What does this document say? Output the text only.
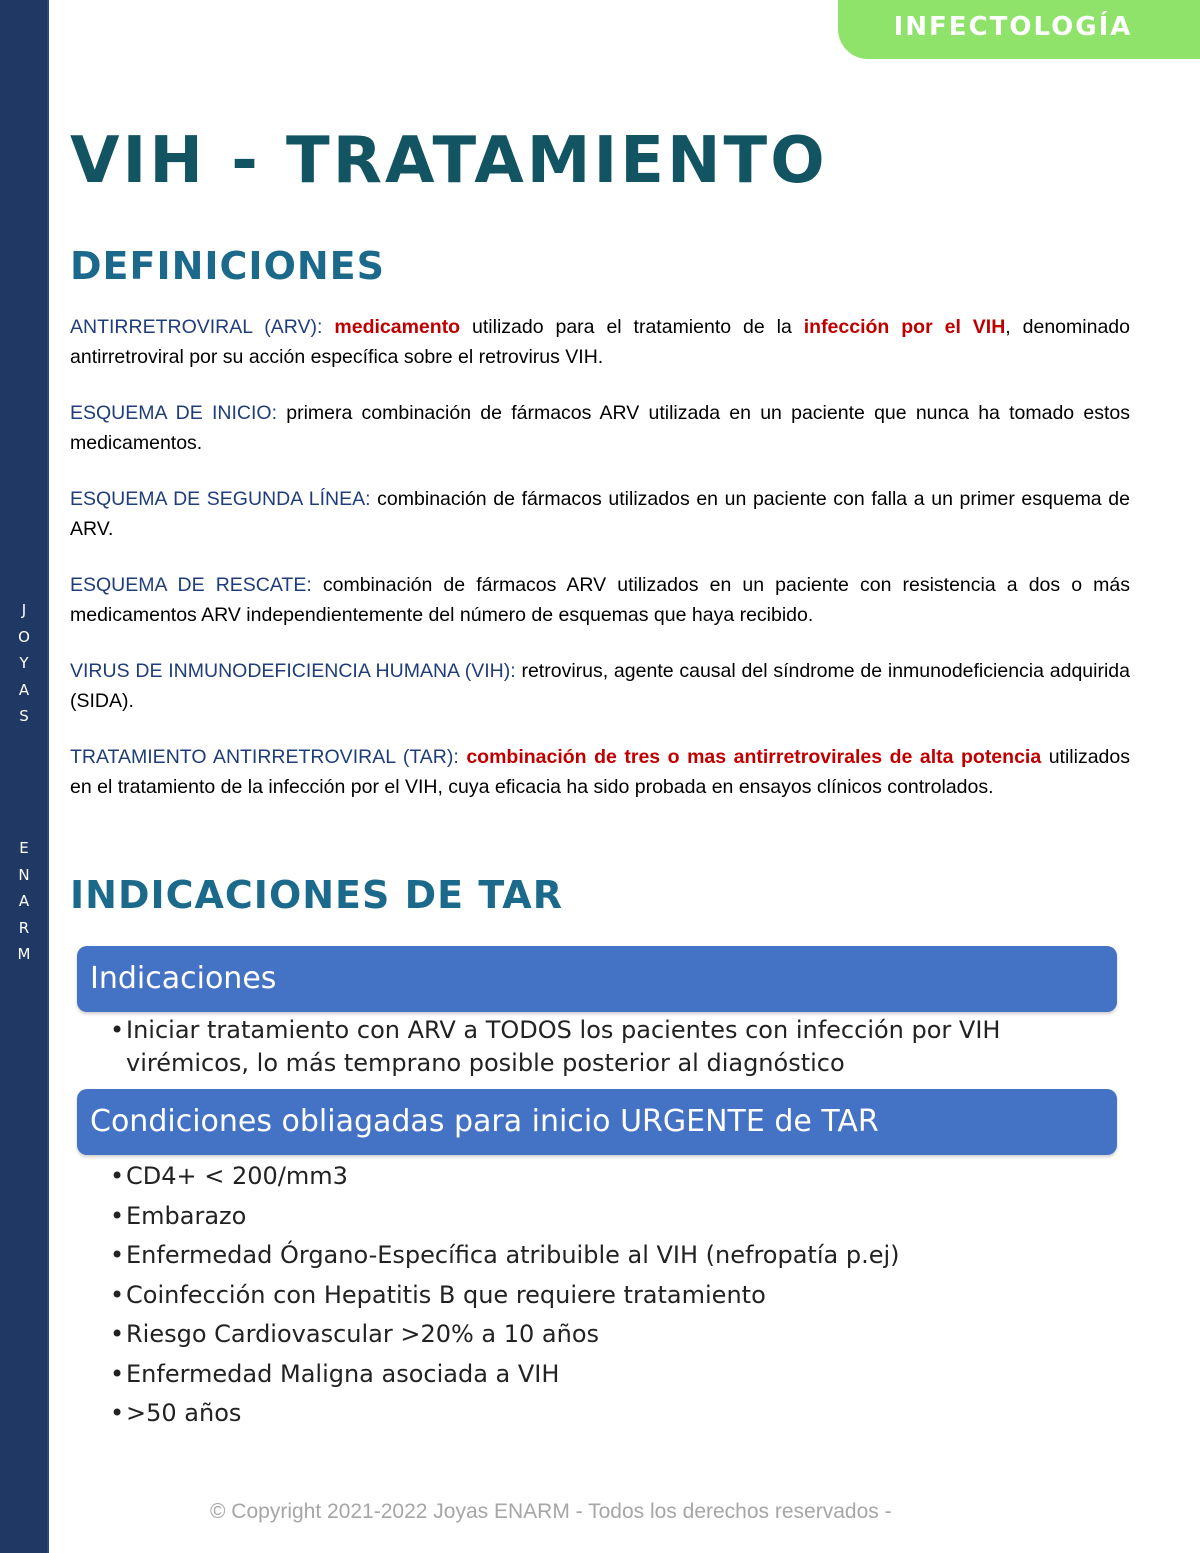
J
O
Y
A
S
E
N
A
R
M
INFECTOLOGÍA
VIH - TRATAMIENTO
DEFINICIONES

ANTIRRETROVIRAL (ARV): medicamento utilizado para el tratamiento de la infección por el VIH, denominado antirretroviral por su acción específica sobre el retrovirus VIH.

ESQUEMA DE INICIO: primera combinación de fármacos ARV utilizada en un paciente que nunca ha tomado estos medicamentos.

ESQUEMA DE SEGUNDA LÍNEA: combinación de fármacos utilizados en un paciente con falla a un primer esquema de ARV.

ESQUEMA DE RESCATE: combinación de fármacos ARV utilizados en un paciente con resistencia a dos o más medicamentos ARV independientemente del número de esquemas que haya recibido.

VIRUS DE INMUNODEFICIENCIA HUMANA (VIH): retrovirus, agente causal del síndrome de inmunodeficiencia adquirida (SIDA).

TRATAMIENTO ANTIRRETROVIRAL (TAR): combinación de tres o mas antirretrovirales de alta potencia utilizados en el tratamiento de la infección por el VIH, cuya eficacia ha sido probada en ensayos clínicos controlados.

INDICACIONES DE TAR
Indicaciones
• Iniciar tratamiento con ARV a TODOS los pacientes con infección por VIH virémicos, lo más temprano posible posterior al diagnóstico
Condiciones obliagadas para inicio URGENTE de TAR
• CD4+ < 200/mm3
• Embarazo
• Enfermedad Órgano-Específica atribuible al VIH (nefropatía p.ej)
• Coinfección con Hepatitis B que requiere tratamiento
• Riesgo Cardiovascular >20% a 10 años
• Enfermedad Maligna asociada a VIH
• >50 años
© Copyright 2021-2022 Joyas ENARM - Todos los derechos reservados -
